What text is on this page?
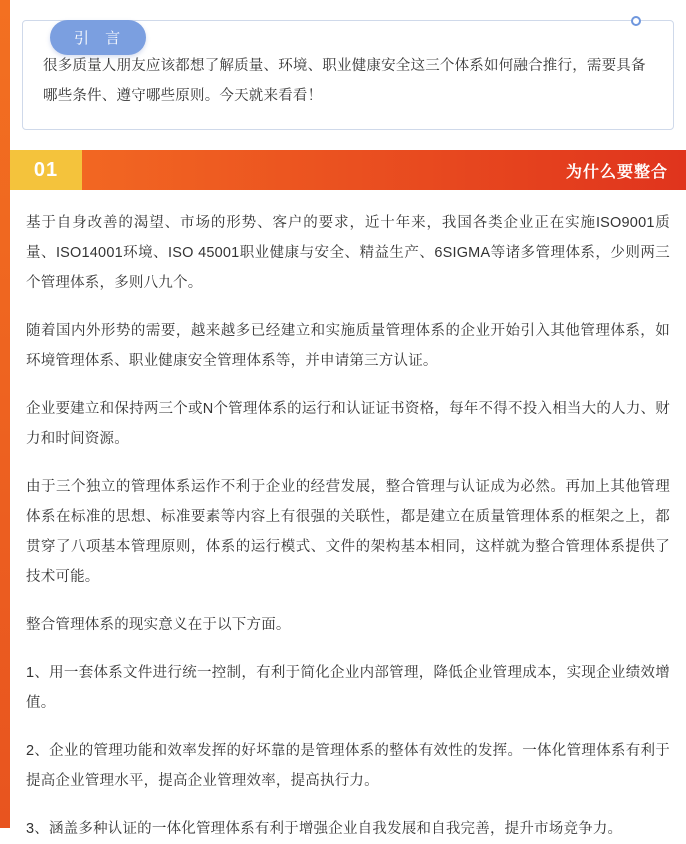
引 言
很多质量人朋友应该都想了解质量、环境、职业健康安全这三个体系如何融合推行，需要具备哪些条件、遵守哪些原则。今天就来看看！
01	为什么要整合

基于自身改善的渴望、市场的形势、客户的要求，近十年来，我国各类企业正在实施ISO9001质量、ISO14001环境、ISO 45001职业健康与安全、精益生产、6SIGMA等诸多管理体系，少则两三个管理体系，多则八九个。

随着国内外形势的需要，越来越多已经建立和实施质量管理体系的企业开始引入其他管理体系，如环境管理体系、职业健康安全管理体系等，并申请第三方认证。

企业要建立和保持两三个或N个管理体系的运行和认证证书资格，每年不得不投入相当大的人力、财力和时间资源。

由于三个独立的管理体系运作不利于企业的经营发展，整合管理与认证成为必然。再加上其他管理体系在标准的思想、标准要素等内容上有很强的关联性，都是建立在质量管理体系的框架之上，都贯穿了八项基本管理原则，体系的运行模式、文件的架构基本相同，这样就为整合管理体系提供了技术可能。

整合管理体系的现实意义在于以下方面。

1、用一套体系文件进行统一控制，有利于简化企业内部管理，降低企业管理成本，实现企业绩效增值。

2、企业的管理功能和效率发挥的好坏靠的是管理体系的整体有效性的发挥。一体化管理体系有利于提高企业管理水平，提高企业管理效率，提高执行力。

3、涵盖多种认证的一体化管理体系有利于增强企业自我发展和自我完善，提升市场竞争力。
